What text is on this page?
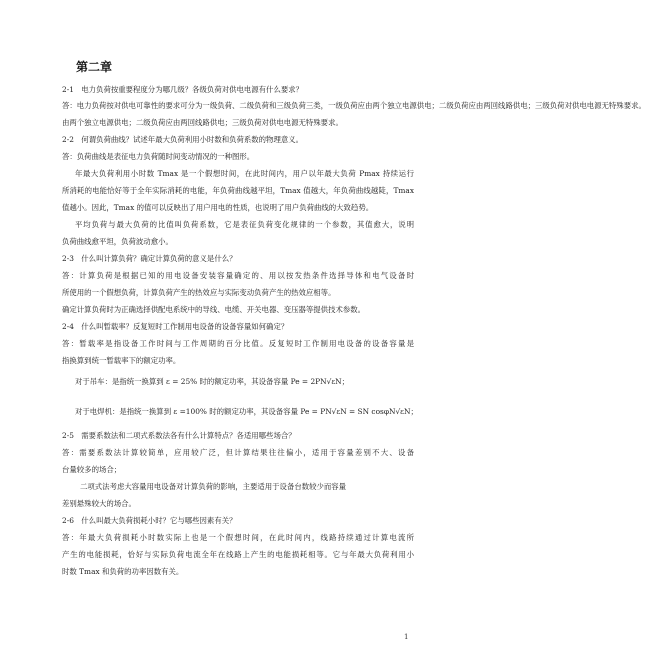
第二章
2-1　电力负荷按重要程度分为哪几级？各级负荷对供电电源有什么要求？
答：电力负荷按对供电可靠性的要求可分为一级负荷、二级负荷和三级负荷三类，一级负荷应由两个独立电源供电；二级负荷应由两回线路供电；三级负荷对供电电源无特殊要求。
由两个独立电源供电；二级负荷应由两回线路供电；三级负荷对供电电源无特殊要求。
2-2　何谓负荷曲线？试述年最大负荷利用小时数和负荷系数的物理意义。
答：负荷曲线是表征电力负荷随时间变动情况的一种图形。
年最大负荷利用小时数 Tmax 是一个假想时间，在此时间内，用户以年最大负荷 Pmax 持续运行
所消耗的电能恰好等于全年实际消耗的电能，年负荷曲线越平坦，Tmax 值越大，年负荷曲线越陡，Tmax
值越小。因此，Tmax 的值可以反映出了用户用电的性质，也说明了用户负荷曲线的大致趋势。
平均负荷与最大负荷的比值叫负荷系数，它是表征负荷变化规律的一个参数，其值愈大，说明
负荷曲线愈平坦，负荷波动愈小。
2-3　什么叫计算负荷？确定计算负荷的意义是什么？
答：计算负荷是根据已知的用电设备安装容量确定的、用以按发热条件选择导体和电气设备时
所使用的一个假想负荷，计算负荷产生的热效应与实际变动负荷产生的热效应相等。
确定计算负荷时为正确选择供配电系统中的导线、电缆、开关电器、变压器等提供技术参数。
2-4　什么叫暂载率？反复短时工作制用电设备的设备容量如何确定？
答：暂载率是指设备工作时间与工作周期的百分比值。反复短时工作制用电设备的设备容量是
指换算到统一暂载率下的额定功率。
对于吊车：是指统一换算到 ε = 25% 时的额定功率，其设备容量 Pe = 2PN√εN；
对于电焊机：是指统一换算到 ε =100% 时的额定功率，其设备容量 Pe = PN√εN = SN cosφN√εN；
2-5　需要系数法和二项式系数法各有什么计算特点？各适用哪些场合？
答：需要系数法计算较简单，应用较广泛，但计算结果往往偏小，适用于容量差别不大、设备
台量较多的场合；
二项式法考虑大容量用电设备对计算负荷的影响，主要适用于设备台数较少而容量
差别悬殊较大的场合。
2-6　什么叫最大负荷损耗小时？它与哪些因素有关？
答：年最大负荷损耗小时数实际上也是一个假想时间，在此时间内，线路持续通过计算电流所
产生的电能损耗，恰好与实际负荷电流全年在线路上产生的电能损耗相等。它与年最大负荷利用小
时数 Tmax 和负荷的功率因数有关。
1
